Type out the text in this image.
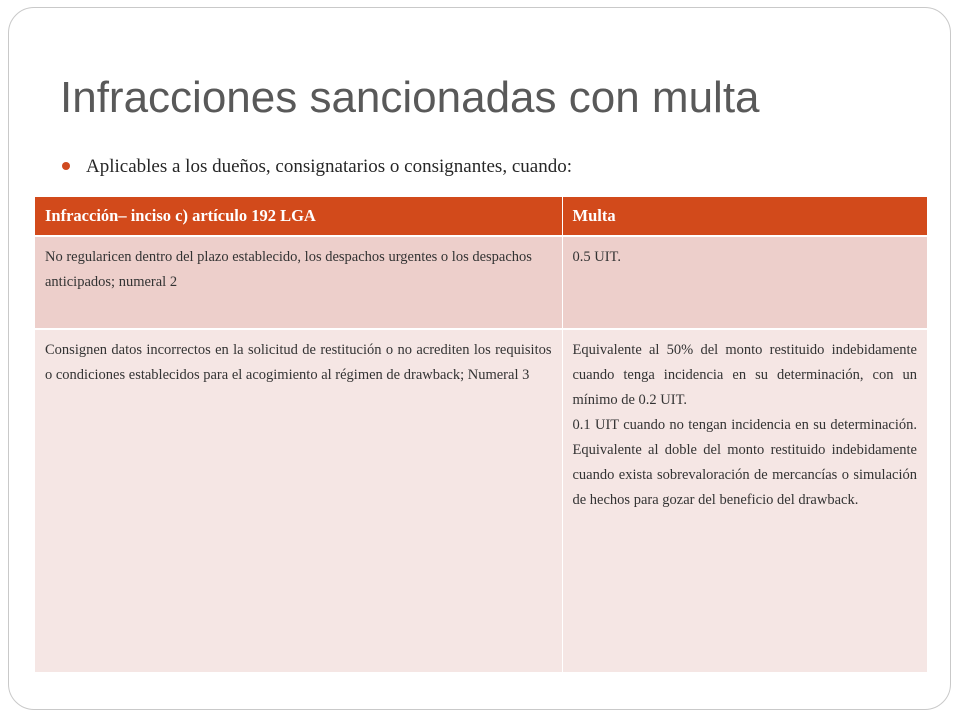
Infracciones sancionadas con multa
Aplicables a los dueños, consignatarios o consignantes, cuando:
Infracción– inciso c) artículo 192 LGA	Multa
No regularicen dentro del plazo establecido, los despachos urgentes o los despachos anticipados; numeral 2	0.5 UIT.

Consignen datos incorrectos en la solicitud de restitución o no acrediten los requisitos o condiciones establecidos para el acogimiento al régimen de drawback; Numeral 3	Equivalente al 50% del monto restituido indebidamente cuando tenga incidencia en su determinación, con un mínimo de 0.2 UIT.
0.1 UIT cuando no tengan incidencia en su determinación. Equivalente al doble del monto restituido indebidamente cuando exista sobrevaloración de mercancías o simulación de hechos para gozar del beneficio del drawback.
